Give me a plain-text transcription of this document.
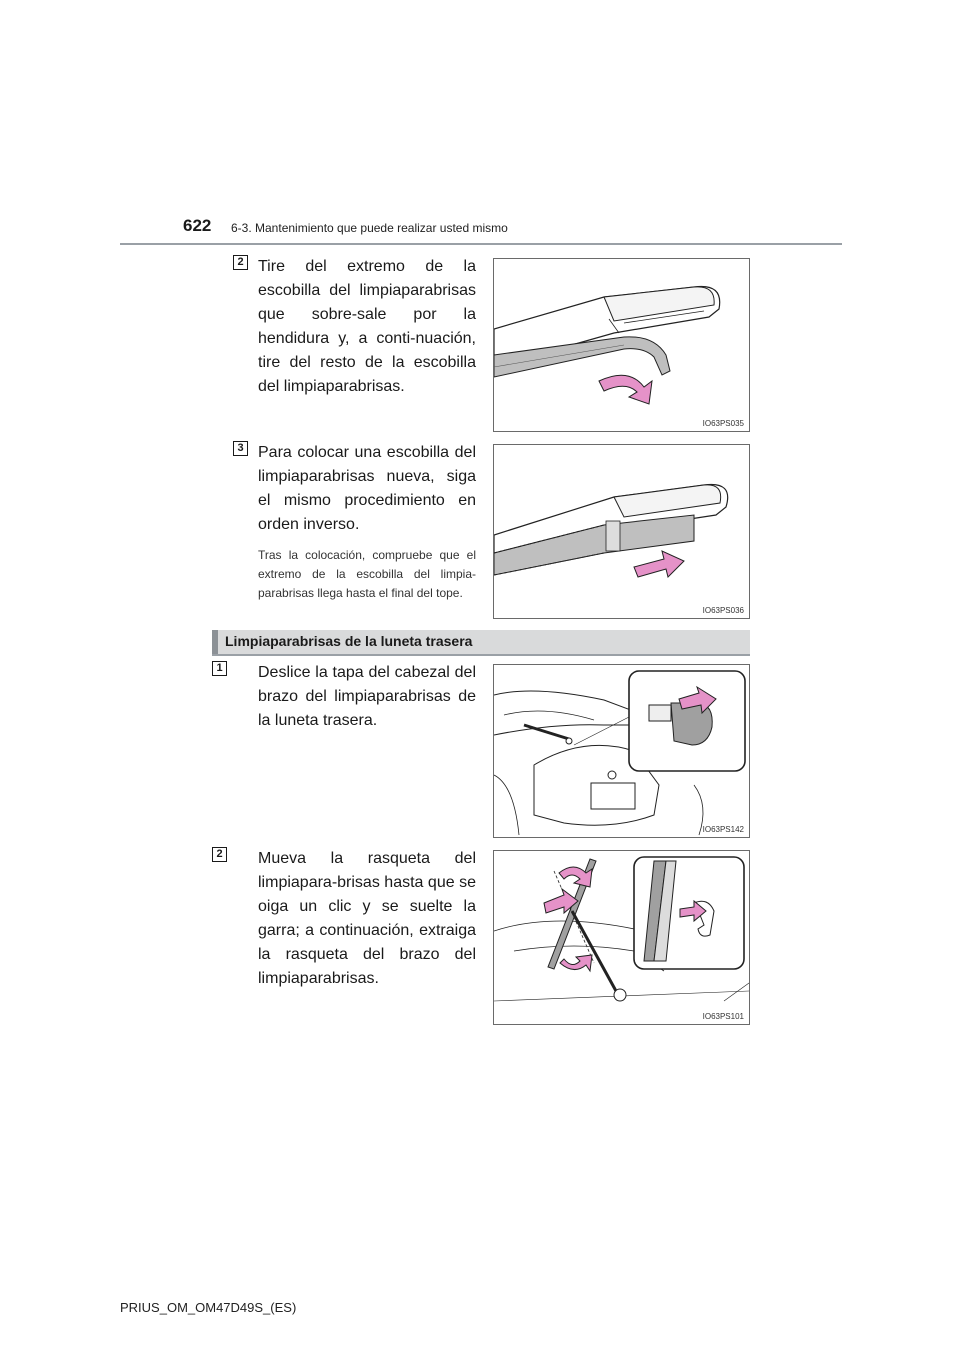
622 6-3. Mantenimiento que puede realizar usted mismo
2 Tire del extremo de la escobilla del limpiaparabrisas que sobre-sale por la hendidura y, a conti-nuación, tire del resto de la escobilla del limpiaparabrisas.
IO63PS035
3 Para colocar una escobilla del limpiaparabrisas nueva, siga el mismo procedimiento en orden inverso.
Tras la colocación, compruebe que el extremo de la escobilla del limpia-parabrisas llega hasta el final del tope.
IO63PS036
Limpiaparabrisas de la luneta trasera
1 Deslice la tapa del cabezal del brazo del limpiaparabrisas de la luneta trasera.
IO63PS142
2 Mueva la rasqueta del limpiapara-brisas hasta que se oiga un clic y se suelte la garra; a continuación, extraiga la rasqueta del brazo del limpiaparabrisas.
IO63PS101
PRIUS_OM_OM47D49S_(ES)
